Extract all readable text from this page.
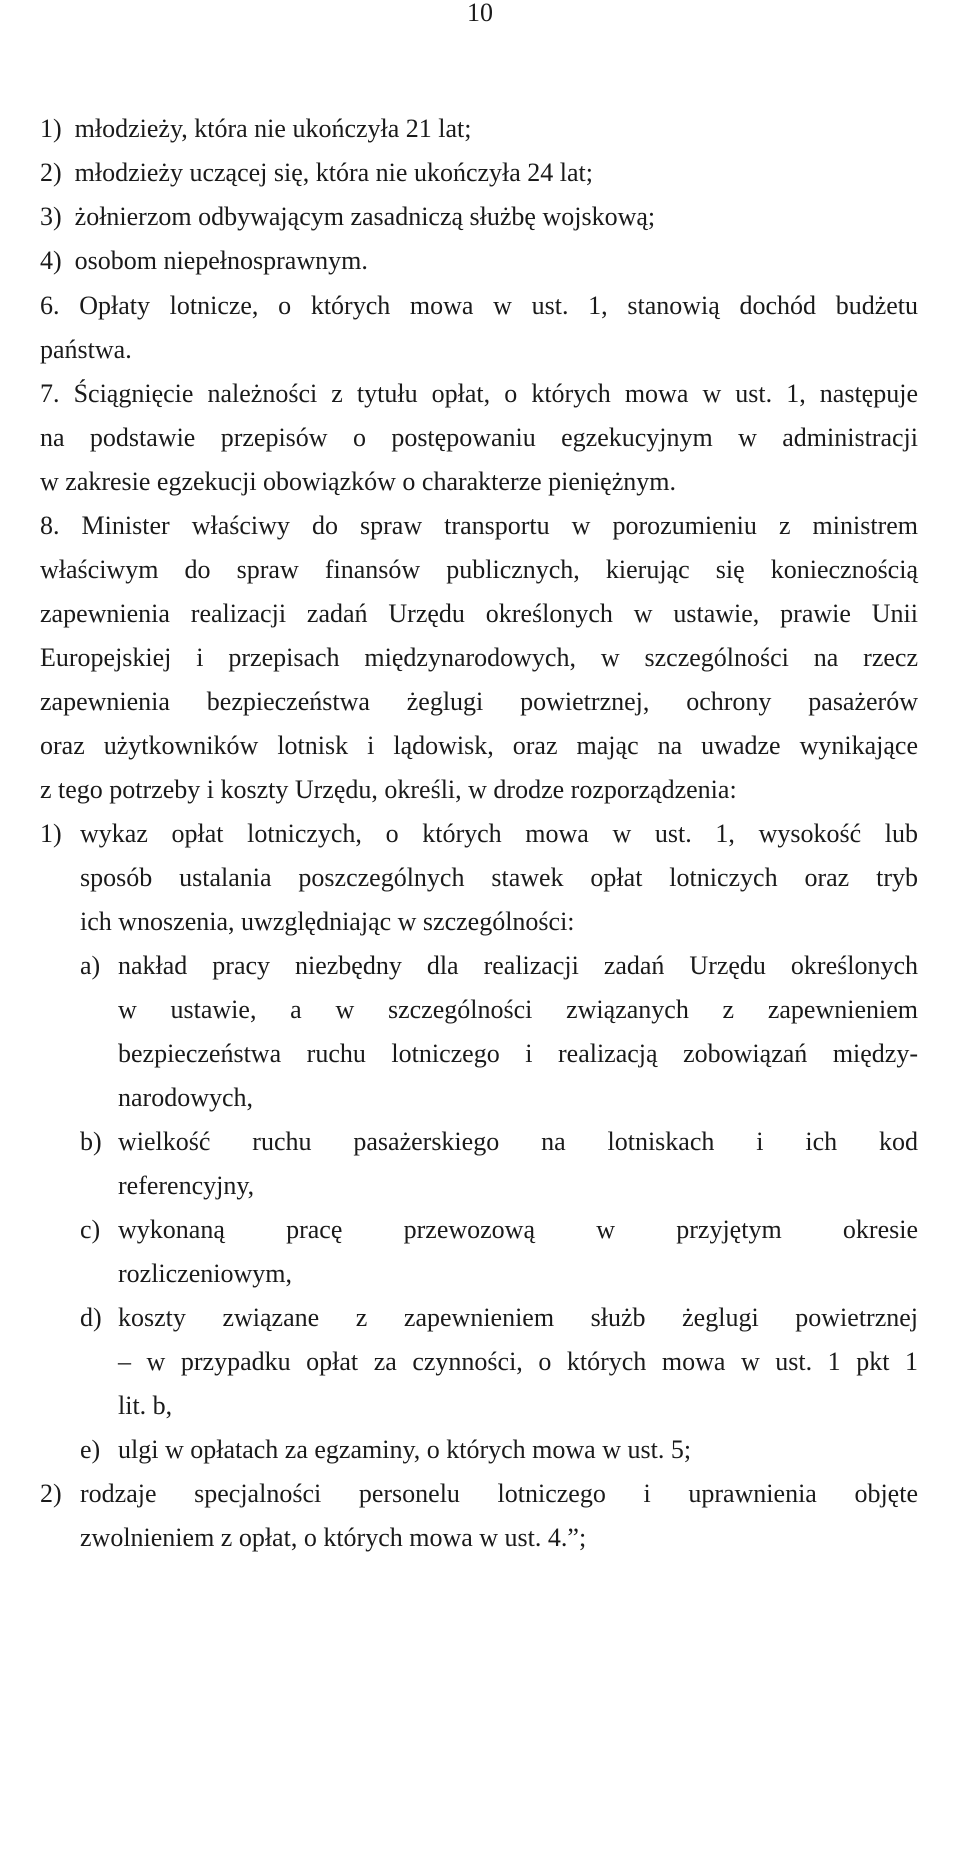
10
1)  młodzieży, która nie ukończyła 21 lat;
2)  młodzieży uczącej się, która nie ukończyła 24 lat;
3)  żołnierzom odbywającym zasadniczą służbę wojskową;
4)  osobom niepełnosprawnym.
6. Opłaty lotnicze, o których mowa w ust. 1, stanowią dochód budżetu
państwa.
7. Ściągnięcie należności z tytułu opłat, o których mowa w ust. 1, następuje
na podstawie przepisów o postępowaniu egzekucyjnym w administracji
w zakresie egzekucji obowiązków o charakterze pieniężnym.
8. Minister właściwy do spraw transportu w porozumieniu z ministrem
właściwym do spraw finansów publicznych, kierując się koniecznością
zapewnienia realizacji zadań Urzędu określonych w ustawie, prawie Unii
Europejskiej i przepisach międzynarodowych, w szczególności na rzecz
zapewnienia bezpieczeństwa żeglugi powietrznej, ochrony pasażerów
oraz użytkowników lotnisk i lądowisk, oraz mając na uwadze wynikające
z tego potrzeby i koszty Urzędu, określi, w drodze rozporządzenia:
1) wykaz opłat lotniczych, o których mowa w ust. 1, wysokość lub
sposób ustalania poszczególnych stawek opłat lotniczych oraz tryb
ich wnoszenia, uwzględniając w szczególności:
a) nakład pracy niezbędny dla realizacji zadań Urzędu określonych
w ustawie, a w szczególności związanych z zapewnieniem
bezpieczeństwa ruchu lotniczego i realizacją zobowiązań między-
narodowych,
b) wielkość ruchu pasażerskiego na lotniskach i ich kod
referencyjny,
c) wykonaną pracę przewozową w przyjętym okresie
rozliczeniowym,
d) koszty związane z zapewnieniem służb żeglugi powietrznej
– w przypadku opłat za czynności, o których mowa w ust. 1 pkt 1
lit. b,
e) ulgi w opłatach za egzaminy, o których mowa w ust. 5;
2) rodzaje specjalności personelu lotniczego i uprawnienia objęte
zwolnieniem z opłat, o których mowa w ust. 4.”;
